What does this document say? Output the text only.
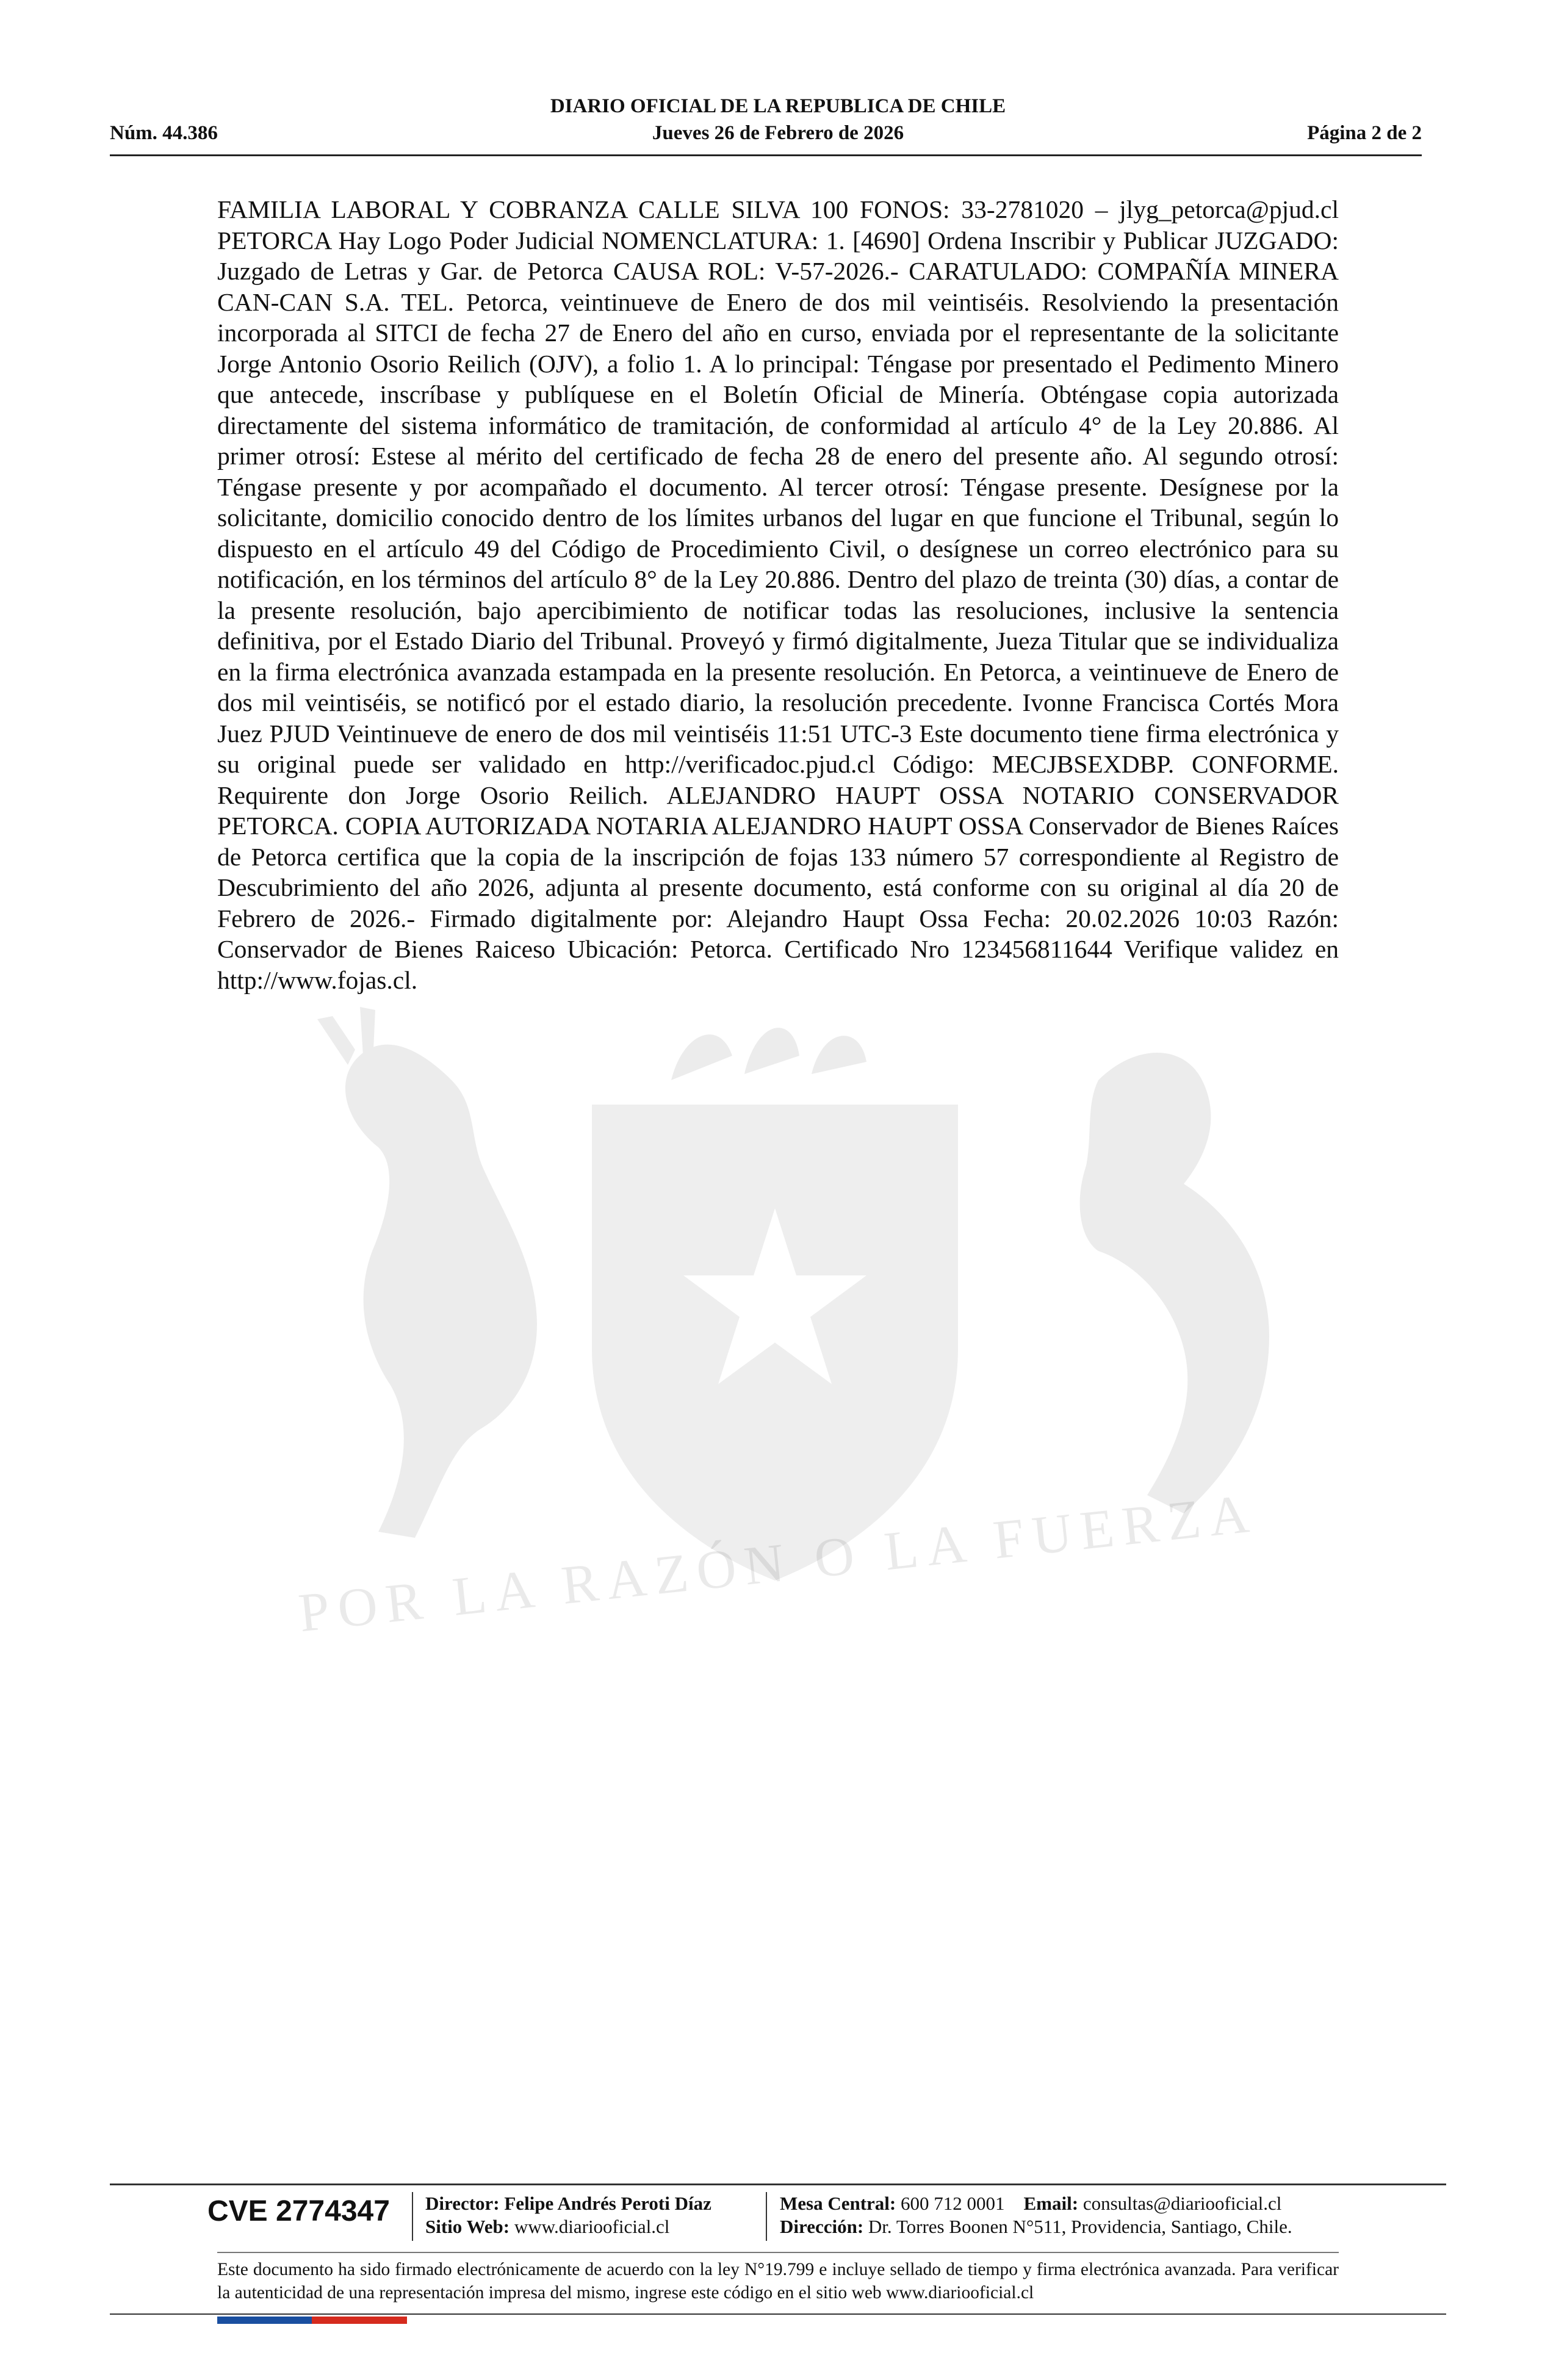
DIARIO OFICIAL DE LA REPUBLICA DE CHILE
Núm. 44.386	Jueves 26 de Febrero de 2026	Página 2 de 2
POR LA RAZÓN O LA FUERZA
FAMILIA LABORAL Y COBRANZA CALLE SILVA 100 FONOS: 33-2781020 – jlyg_petorca@pjud.cl PETORCA Hay Logo Poder Judicial NOMENCLATURA: 1. [4690] Ordena Inscribir y Publicar JUZGADO: Juzgado de Letras y Gar. de Petorca CAUSA ROL: V-57-2026.- CARATULADO: COMPAÑÍA MINERA CAN-CAN S.A. TEL. Petorca, veintinueve de Enero de dos mil veintiséis. Resolviendo la presentación incorporada al SITCI de fecha 27 de Enero del año en curso, enviada por el representante de la solicitante Jorge Antonio Osorio Reilich (OJV), a folio 1. A lo principal: Téngase por presentado el Pedimento Minero que antecede, inscríbase y publíquese en el Boletín Oficial de Minería. Obténgase copia autorizada directamente del sistema informático de tramitación, de conformidad al artículo 4° de la Ley 20.886. Al primer otrosí: Estese al mérito del certificado de fecha 28 de enero del presente año. Al segundo otrosí: Téngase presente y por acompañado el documento. Al tercer otrosí: Téngase presente. Desígnese por la solicitante, domicilio conocido dentro de los límites urbanos del lugar en que funcione el Tribunal, según lo dispuesto en el artículo 49 del Código de Procedimiento Civil, o desígnese un correo electrónico para su notificación, en los términos del artículo 8° de la Ley 20.886. Dentro del plazo de treinta (30) días, a contar de la presente resolución, bajo apercibimiento de notificar todas las resoluciones, inclusive la sentencia definitiva, por el Estado Diario del Tribunal. Proveyó y firmó digitalmente, Jueza Titular que se individualiza en la firma electrónica avanzada estampada en la presente resolución. En Petorca, a veintinueve de Enero de dos mil veintiséis, se notificó por el estado diario, la resolución precedente. Ivonne Francisca Cortés Mora Juez PJUD Veintinueve de enero de dos mil veintiséis 11:51 UTC-3 Este documento tiene firma electrónica y su original puede ser validado en http://verificadoc.pjud.cl Código: MECJBSEXDBP. CONFORME. Requirente don Jorge Osorio Reilich. ALEJANDRO HAUPT OSSA NOTARIO CONSERVADOR PETORCA. COPIA AUTORIZADA NOTARIA ALEJANDRO HAUPT OSSA Conservador de Bienes Raíces de Petorca certifica que la copia de la inscripción de fojas 133 número 57 correspondiente al Registro de Descubrimiento del año 2026, adjunta al presente documento, está conforme con su original al día 20 de Febrero de 2026.- Firmado digitalmente por: Alejandro Haupt Ossa Fecha: 20.02.2026 10:03 Razón: Conservador de Bienes Raiceso Ubicación: Petorca. Certificado Nro 123456811644 Verifique validez en http://www.fojas.cl.
CVE 2774347 Director: Felipe Andrés Peroti Díaz
Sitio Web: www.diariooficial.cl
Mesa Central: 600 712 0001 Email: consultas@diariooficial.cl
Dirección: Dr. Torres Boonen N°511, Providencia, Santiago, Chile.
Este documento ha sido firmado electrónicamente de acuerdo con la ley N°19.799 e incluye sellado de tiempo y firma electrónica avanzada. Para verificar la autenticidad de una representación impresa del mismo, ingrese este código en el sitio web www.diariooficial.cl
